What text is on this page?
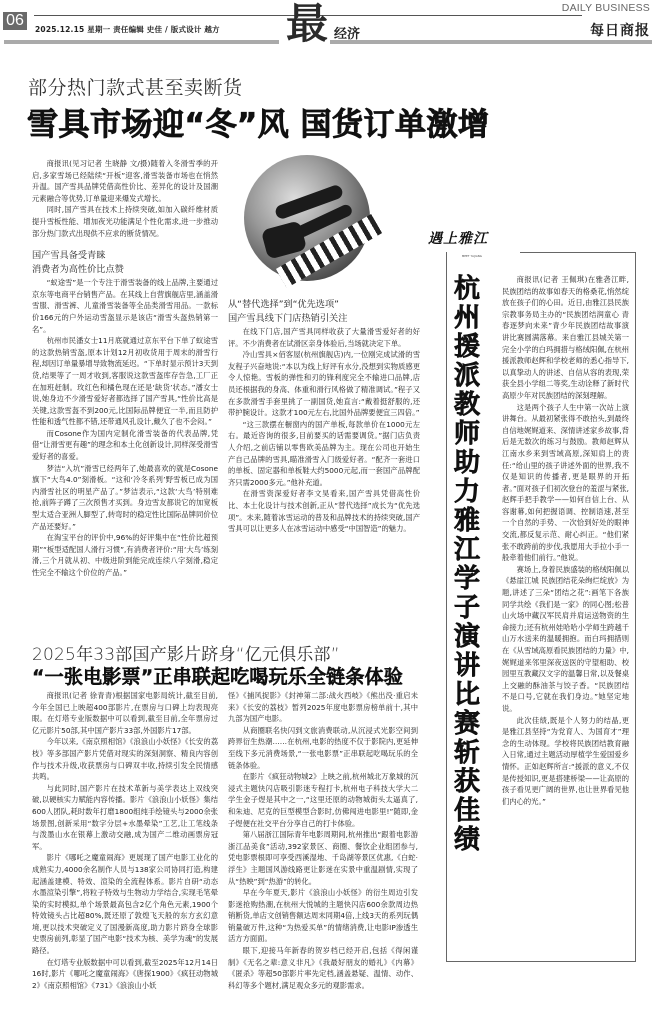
06
2025.12.15 星期一 责任编辑 史佳 / 版式设计 越方 最 经济
DAILY BUSINESS
每日商报
部分热门款式甚至卖断货
雪具市场迎“冬”风 国货订单激增

商报讯(见习记者 生晓静 文/摄)随着入冬滑雪季的开启,多家雪场已经陆续“开板”迎客,滑雪装备市场也在悄然升温。国产雪具品牌凭借高性价比、差异化的设计及国潮元素融合等优势,订单量迎来爆发式增长。

同时,国产雪具在技术上持续突破,如加入碳纤维材质提升雪板性能、增加夜光功能满足个性化需求,进一步推动部分热门款式出现供不应求的断货情况。

国产雪具备受青睐
消费者为高性价比点赞

“蚁途雪”是一个专注于滑雪装备的线上品牌,主要通过京东等电商平台销售产品。在其线上自营旗舰店里,涵盖滑雪服、滑雪裤、儿童滑雪装备等全品类滑雪用品。一款标价166元的户外运动雪盔显示是该店“滑雪头盔热销第一名”。

杭州市民潘女士11月底就通过京东平台下单了蚁途雪的这款热销雪盔,原本计划12月初收货用于周末的滑雪行程,却因订单量暴增导致物流延迟。“下单时显示预计3天到货,结果等了一周才收到,客服说这款雪盔库存告急,工厂正在加班赶制。玫红色和橘色现在还是‘缺货’状态。”潘女士说,她身边不少滑雪爱好者都选择了国产雪具,“性价比高是关键,这款雪盔不到200元,比国际品牌便宜一半,而且防护性能和透气性都不错,还带通风孔设计,戴久了也不会闷。”

而Cosone作为国内定制化滑雪装备的代表品牌,凭借“让滑雪更有趣”的理念和本土化创新设计,同样深受滑雪爱好者的喜爱。

梦洁“入坑”滑雪已经两年了,她最喜欢的就是Cosone旗下“大鸟4.0”刻滑板。“这和‘冷冬系列’野雪板已成为国内滑雪社区的明星产品了。”梦洁表示,“这款‘大鸟’特别难抢,前阵子蹲了三次预售才买到。身边雪友都说它的加宽板型太适合亚洲人脚型了,转弯时的稳定性比国际品牌同价位产品还要好。”

在淘宝平台的评价中,96%的好评集中在“性价比超预期”“板型适配国人滑行习惯”,有消费者评价:“用‘大鸟’练刻滑,三个月就从初、中级进阶到能完成连续八字刻滑,稳定性完全不输这个价位的产品。”

从“替代选择”到“优先选项”
国产雪具线下门店热销引关注

在线下门店,国产雪具同样收获了大量滑雪爱好者的好评。不少消费者在试滑区亲身体验后,当场就决定下单。

冷山雪具×佰客屋(杭州旗舰店)内,一位刚完成试滑的雪友程子兴奋地说:“本以为线上好评有水分,没想到实物质感更令人惊艳。雪板的弹性和刃的锋利度完全不输进口品牌,店员还根据我的身高、体重和滑行风格做了精准调试。”程子又在多款滑雪手套里挑了一副国货,她直言:“戴着挺舒服的,还带护腕设计。这款才100元左右,比国外品牌要便宜三四倍。”

“这三款摆在橱窗内的国产单板,每款单价在1000元左右。最近咨询的很多,目前要买的话需要调货。”据门店负责人介绍,之前店铺以零售欧美品牌为主。现在公司也开始生产自己品牌的雪具,瞄准滑雪入门级爱好者。“配齐一套进口的单板、固定器和单板鞋大约5000元起,而一套国产品牌配齐只需2000多元。”他补充道。

在滑雪资深爱好者李文昊看来,国产雪具凭借高性价比、本土化设计与技术创新,正从“替代选择”成长为“优先选项”。未来,随着冰雪运动的普及和品牌技术的持续突破,国产雪具可以让更多人在冰雪运动中感受“中国智造”的魅力。

2025年33部国产影片跻身“亿元俱乐部”
“一张电影票”正串联起吃喝玩乐全链条体验

商报讯(记者 徐青青)根据国家电影局统计,截至目前,今年全国已上映超400部影片,在票房与口碑上均表现亮眼。在灯塔专业版数据中可以看到,截至目前,全年票房过亿元影片50部,其中国产影片33部,外国影片17部。

今年以来,《南京照相馆》《浪浪山小妖怪》《长安的荔枝》等多部国产影片凭借对现实的深刻洞察、精良内容创作与技术升级,收获票房与口碑双丰收,持续引发全民情感共鸣。

与此同时,国产影片在技术革新与美学表达上双线突破,以硬核实力赋能内容传播。影片《浪浪山小妖怪》集结600人团队,耗时数年打磨1800组纯手绘镜头与2000余张场景图,创新采用“数字分层+水墨晕染”工艺,让工笔线条与泼墨山水在银幕上激动交融,成为国产二维动画票房冠军。

影片《哪吒之魔童闹海》更展现了国产电影工业化的成熟实力,4000余名制作人员与138家公司协同打造,构建起涵盖建模、特效、渲染的全流程体系。影片自研“动态水墨渲染引擎”,将粒子特效与生物动力学结合,实现毛笔晕染的实时模拟,单个场景最高包含2亿个角色元素,1900个特效镜头占比超80%,既还原了敦煌飞天般的东方玄幻意境,更以技术突破定义了国漫新高度,助力影片跻身全球影史票房前列,彰显了国产电影“技术为核、美学为魂”的发展路径。

在灯塔专业版数据中可以看到,截至2025年12月14日16时,影片《哪吒之魔童闹海》《唐探1900》《疯狂动物城2》《南京照相馆》《731》《浪浪山小妖

怪》《捕风捉影》《封神第二部:战火西岐》《熊出没·重启未来》《长安的荔枝》暂列2025年度电影票房榜单前十,其中九部为国产电影。

从商圈联名快闪到文旅消费联动,从沉浸式光影空间到跨界衍生热潮……在杭州,电影的热度不仅于影院内,更延伸至线下多元消费场景,“一张电影票”正串联起吃喝玩乐的全链条体验。

在影片《疯狂动物城2》上映之前,杭州城北万象城的沉浸式主题快闪店吸引影迷专程打卡,杭州电子科技大学大二学生金子煜是其中之一,“这里还原的动物城街头太逼真了,和朱迪、尼克的巨型模型合影时,仿佛闯进电影里!”随即,金子煜便在社交平台分享自己的打卡体验。

第八届浙江国际青年电影周期间,杭州推出“跟着电影游浙江品美食”活动,392家景区、商圈、餐饮企业组团参与,凭电影票根即可享受西溪湿地、千岛湖等景区优惠,《白蛇·浮生》主题国风游线路更让影迷在实景中重温剧情,实现了从“热映”到“热游”的转化。

早在今年夏天,影片《浪浪山小妖怪》的衍生周边引发影迷抢购热潮,在杭州大悦城的主题快闪店600余款周边热销断货,单店文创销售额达周末同期4倍,上线3天的系列玩偶销量破万件,这种“为热爱买单”的情绪消费,让电影IP渗透生活方方面面。

眼下,迎接马年新春的贺岁档已经开启,包括《得闲谨制》《无名之辈:意义非凡》《我最好朋友的婚礼》《内幕》《匿杀》等超50部影片率先定档,涵盖悬疑、温情、动作、科幻等多个题材,满足观众多元的观影需求。

遇上雅江
MEET YAJIANG
杭
州
援
派
教
师
助
力
雅
江
学
子
演
讲
比
赛
斩
获
佳
绩

商报讯(记者 王佩琪)在雅砻江畔,民族团结的故事如春天的格桑花,悄然绽放在孩子们的心田。近日,由雅江县民族宗教事务局主办的“民族团结润童心 青春逐梦向未来”青少年民族团结故事演讲比赛圆满落幕。来自雅江县城关第一完全小学的白玛拥措与格绒阳佩,在杭州援派教师赵辉和学校老师的悉心指导下,以真挚动人的讲述、自信从容的表现,荣获全县小学组二等奖,生动诠释了新时代高原少年对民族团结的深刻理解。

这是两个孩子人生中第一次站上演讲舞台。从最初紧张得不敢抬头,到最终自信地娓娓道来、深情讲述家乡故事,背后是无数次的练习与鼓励。教师赵辉从江南水乡来到雪域高原,深知肩上的责任:“给山里的孩子讲述外面的世界,我不仅是知识的传播者,更是眼界的开拓者。”面对孩子们初次登台的羞涩与紧张,赵辉手把手教学——如何自信上台、从容谢幕,如何把握语调、控制语速,甚至一个自然的手势、一次恰到好处的眼神交流,都反复示范、耐心纠正。“他们紧张不敢跨前的步伐,我愿用大手拉小手一般牵着他们前行。”他说。

赛场上,身着民族盛装的格绒阳佩以《悬崖江城 民族团结花朵绚烂绽放》为题,讲述了三朵“团结之花”:画笔下各族同学共绘《我们是一家》的同心图;松普山火场中藏汉军民肩并肩运送物资的生命接力;还有杭州娃哈哈小学师生跨越千山万水送来的温暖拥抱。而白玛拥措则在《从雪域高原看民族团结的力量》中,娓娓道来邻里深夜送医的守望相助、校园里互教藏汉文字的温馨日常,以及餐桌上交融的酥油茶与饺子香。“民族团结不是口号,它就在我们身边。”她坚定地说。

此次佳绩,既是个人努力的结晶,更是雅江县坚持“为党育人、为国育才”理念的生动体现。学校将民族团结教育融入日常,通过主题活动厚植学生爱国爱乡情怀。正如赵辉所言:“援派的意义,不仅是传授知识,更是搭建桥梁——让高原的孩子看见更广阔的世界,也让世界看见他们内心的光。”
